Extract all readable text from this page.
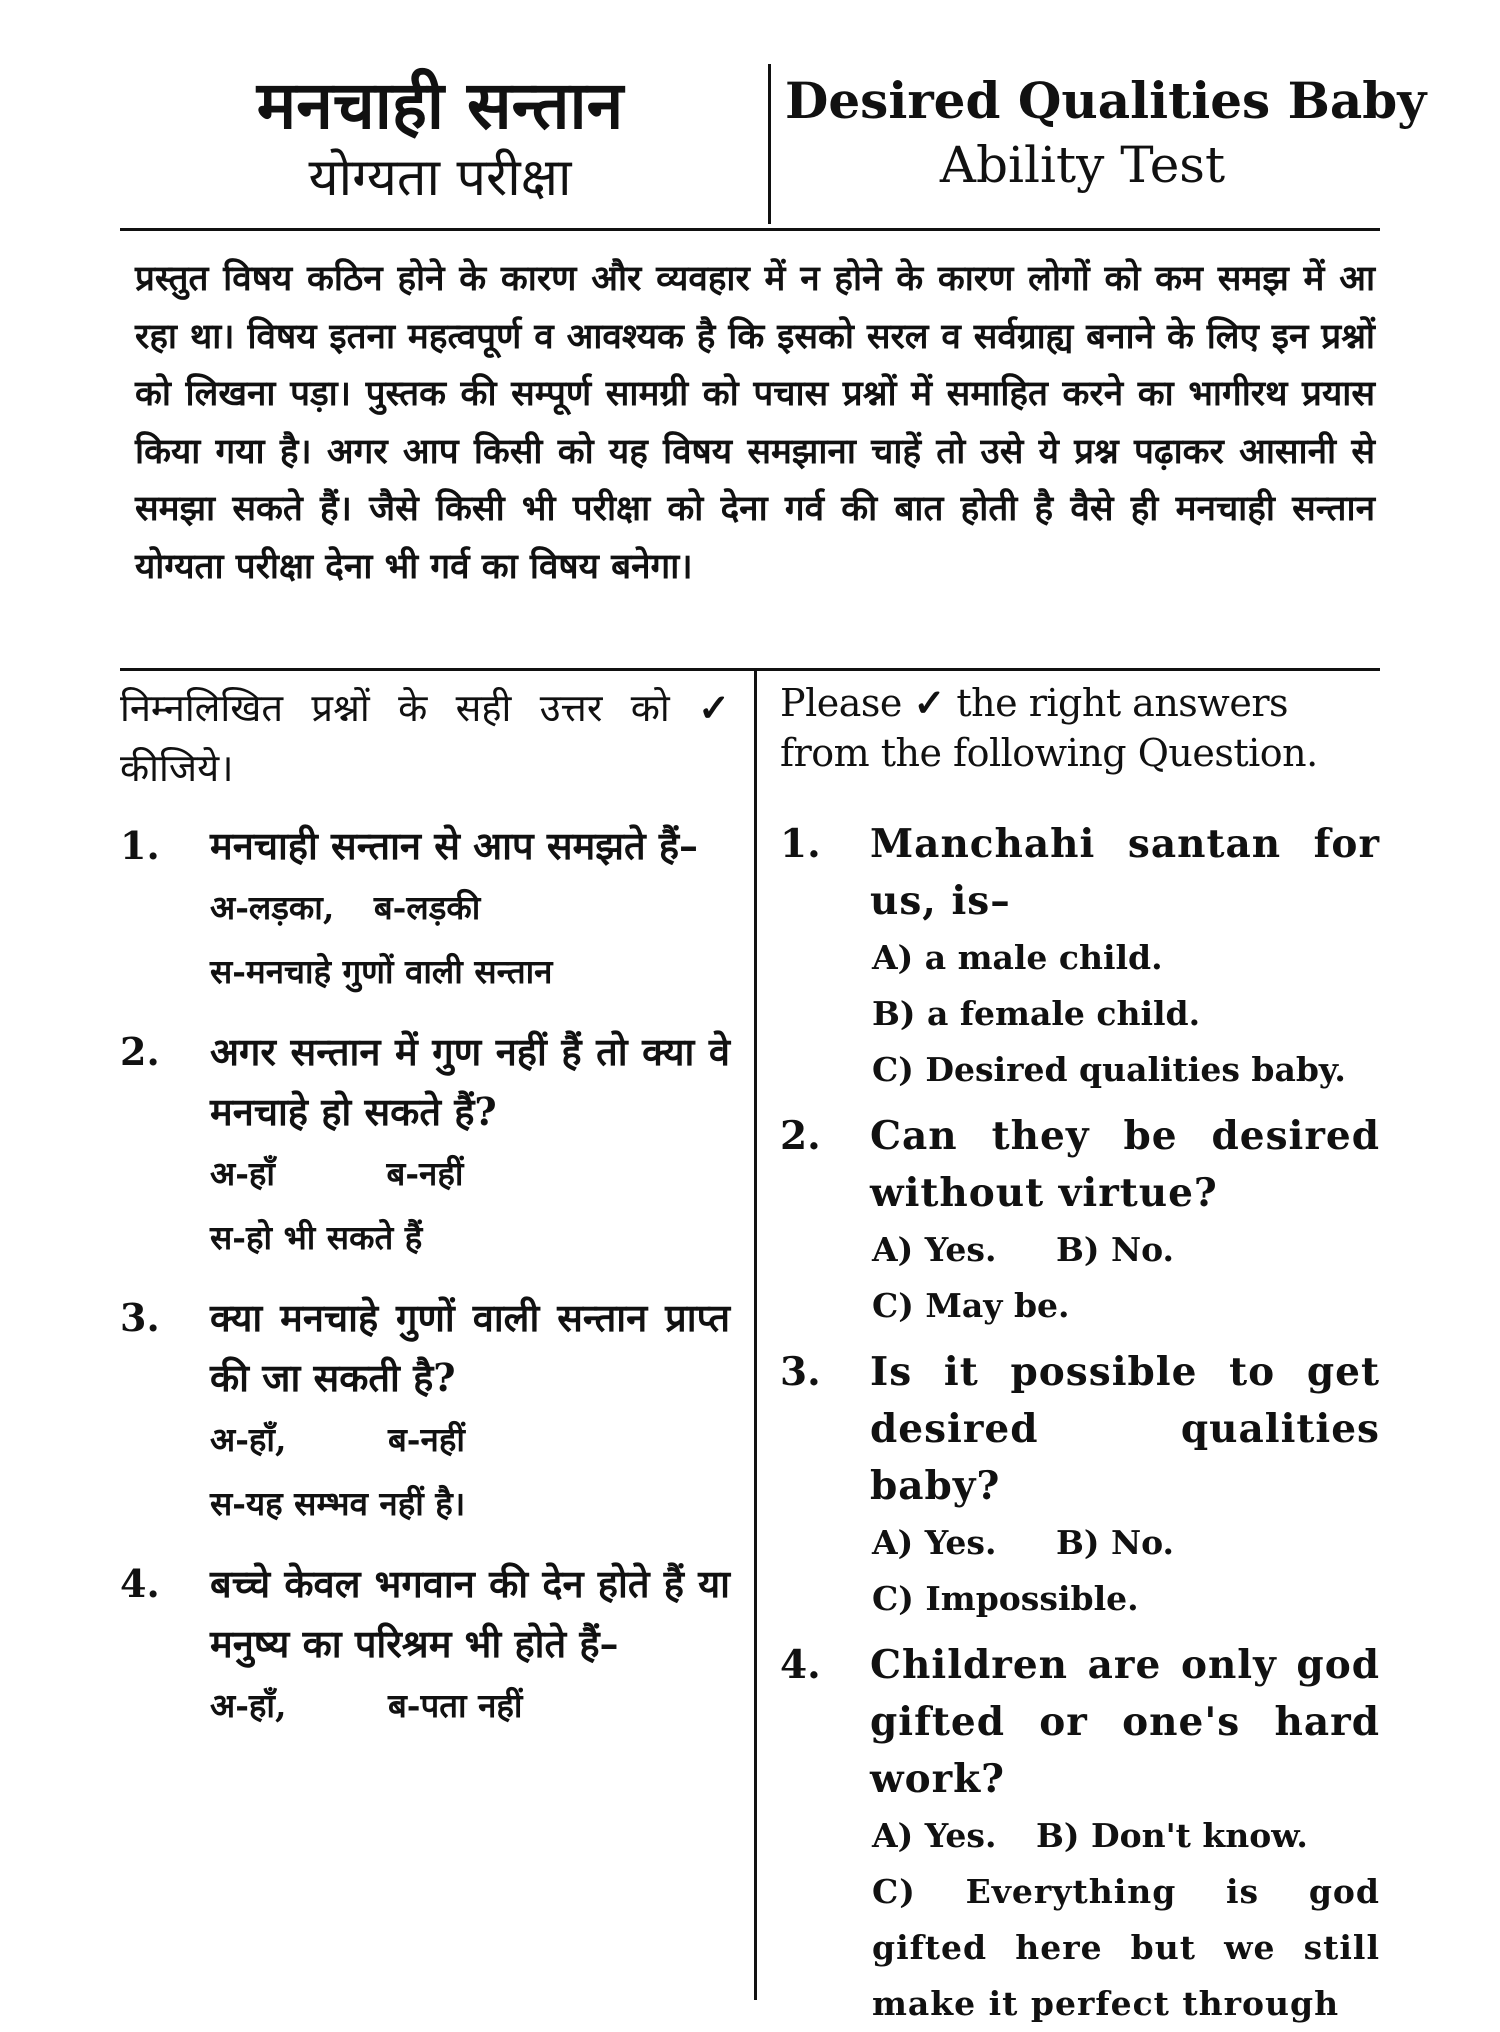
मनचाही सन्तान
योग्यता परीक्षा
Desired Qualities Baby
Ability Test
प्रस्तुत विषय कठिन होने के कारण और व्यवहार में न होने के कारण लोगों को कम समझ में आ रहा था। विषय इतना महत्वपूर्ण व आवश्यक है कि इसको सरल व सर्वग्राह्य बनाने के लिए इन प्रश्नों को लिखना पड़ा। पुस्तक की सम्पूर्ण सामग्री को पचास प्रश्नों में समाहित करने का भागीरथ प्रयास किया गया है। अगर आप किसी को यह विषय समझाना चाहें तो उसे ये प्रश्न पढ़ाकर आसानी से समझा सकते हैं। जैसे किसी भी परीक्षा को देना गर्व की बात होती है वैसे ही मनचाही सन्तान योग्यता परीक्षा देना भी गर्व का विषय बनेगा।
निम्नलिखित प्रश्नों के सही उत्तर को ✓ कीजिये।
1.	मनचाही सन्तान से आप समझते हैं–
अ-लड़का, ब-लड़की
स-मनचाहे गुणों वाली सन्तान
2.	अगर सन्तान में गुण नहीं हैं तो क्या वे मनचाहे हो सकते हैं?
अ-हाँ	ब-नहीं
स-हो भी सकते हैं
3.	क्या मनचाहे गुणों वाली सन्तान प्राप्त की जा सकती है?
अ-हाँ,	ब-नहीं
स-यह सम्भव नहीं है।
4.	बच्चे केवल भगवान की देन होते हैं या मनुष्य का परिश्रम भी होते हैं–
अ-हाँ,	ब-पता नहीं
Please ✓ the right answers from the following Question.
1.	Manchahi santan for us, is–
A) a male child.
B) a female child.
C) Desired qualities baby.
2.	Can they be desired without virtue?
A) Yes. B) No.
C) May be.
3.	Is it possible to get desired qualities baby?
A) Yes. B) No.
C) Impossible.
4.	Children are only god gifted or one's hard work?
A) Yes. B) Don't know.
C) Everything is god gifted here but we still make it perfect through
